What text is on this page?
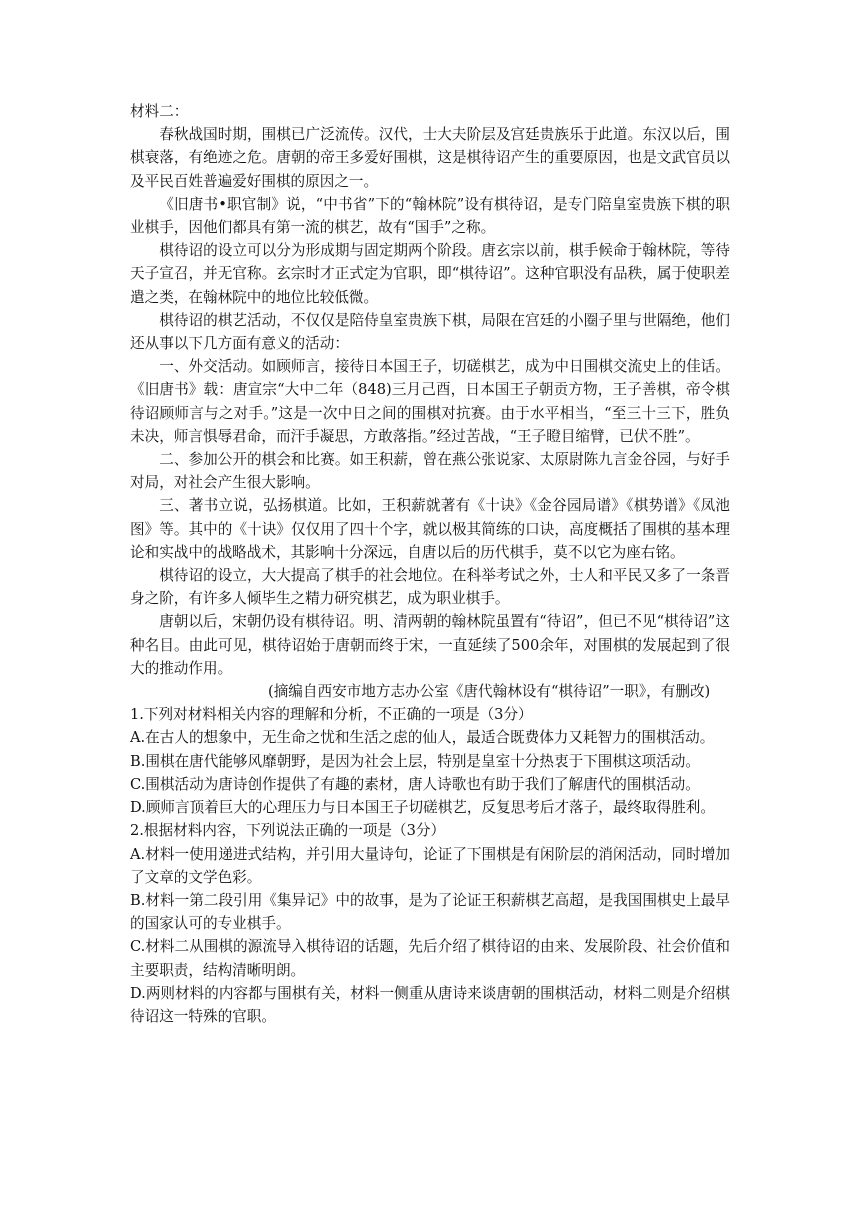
材料二：

春秋战国时期，围棋已广泛流传。汉代，士大夫阶层及宫廷贵族乐于此道。东汉以后，围棋衰落，有绝迹之危。唐朝的帝王多爱好围棋，这是棋待诏产生的重要原因，也是文武官员以及平民百姓普遍爱好围棋的原因之一。

《旧唐书•职官制》说，“中书省”下的“翰林院”设有棋待诏，是专门陪皇室贵族下棋的职业棋手，因他们都具有第一流的棋艺，故有“国手”之称。

棋待诏的设立可以分为形成期与固定期两个阶段。唐玄宗以前，棋手候命于翰林院，等待天子宣召，并无官称。玄宗时才正式定为官职，即“棋待诏”。这种官职没有品秩，属于使职差遣之类，在翰林院中的地位比较低微。

棋待诏的棋艺活动，不仅仅是陪侍皇室贵族下棋，局限在宫廷的小圈子里与世隔绝，他们还从事以下几方面有意义的活动：

一、外交活动。如顾师言，接待日本国王子，切磋棋艺，成为中日围棋交流史上的佳话。《旧唐书》载：唐宣宗“大中二年（848)三月己酉，日本国王子朝贡方物，王子善棋，帝令棋待诏顾师言与之对手。”这是一次中日之间的围棋对抗赛。由于水平相当，“至三十三下，胜负未决，师言惧辱君命，而汗手凝思，方敢落指。”经过苦战，“王子瞪目缩臂，已伏不胜”。

二、参加公开的棋会和比赛。如王积薪，曾在燕公张说家、太原尉陈九言金谷园，与好手对局，对社会产生很大影响。

三、著书立说，弘扬棋道。比如，王积薪就著有《十诀》《金谷园局谱》《棋势谱》《凤池图》等。其中的《十诀》仅仅用了四十个字，就以极其简练的口诀，高度概括了围棋的基本理论和实战中的战略战术，其影响十分深远，自唐以后的历代棋手，莫不以它为座右铭。

棋待诏的设立，大大提高了棋手的社会地位。在科举考试之外，士人和平民又多了一条晋身之阶，有许多人倾毕生之精力研究棋艺，成为职业棋手。

唐朝以后，宋朝仍设有棋待诏。明、清两朝的翰林院虽置有“待诏”，但已不见“棋待诏”这种名目。由此可见，棋待诏始于唐朝而终于宋，一直延续了500余年，对围棋的发展起到了很大的推动作用。

(摘编自西安市地方志办公室《唐代翰林设有“棋待诏”一职》，有删改)

1.下列对材料相关内容的理解和分析，不正确的一项是（3分）

A.在古人的想象中，无生命之忧和生活之虑的仙人，最适合既费体力又耗智力的围棋活动。

B.围棋在唐代能够风靡朝野，是因为社会上层，特别是皇室十分热衷于下围棋这项活动。

C.围棋活动为唐诗创作提供了有趣的素材，唐人诗歌也有助于我们了解唐代的围棋活动。

D.顾师言顶着巨大的心理压力与日本国王子切磋棋艺，反复思考后才落子，最终取得胜利。

2.根据材料内容，下列说法正确的一项是（3分）

A.材料一使用递进式结构，并引用大量诗句，论证了下围棋是有闲阶层的消闲活动，同时增加了文章的文学色彩。

B.材料一第二段引用《集异记》中的故事，是为了论证王积薪棋艺高超，是我国围棋史上最早的国家认可的专业棋手。

C.材料二从围棋的源流导入棋待诏的话题，先后介绍了棋待诏的由来、发展阶段、社会价值和主要职责，结构清晰明朗。

D.两则材料的内容都与围棋有关，材料一侧重从唐诗来谈唐朝的围棋活动，材料二则是介绍棋待诏这一特殊的官职。
